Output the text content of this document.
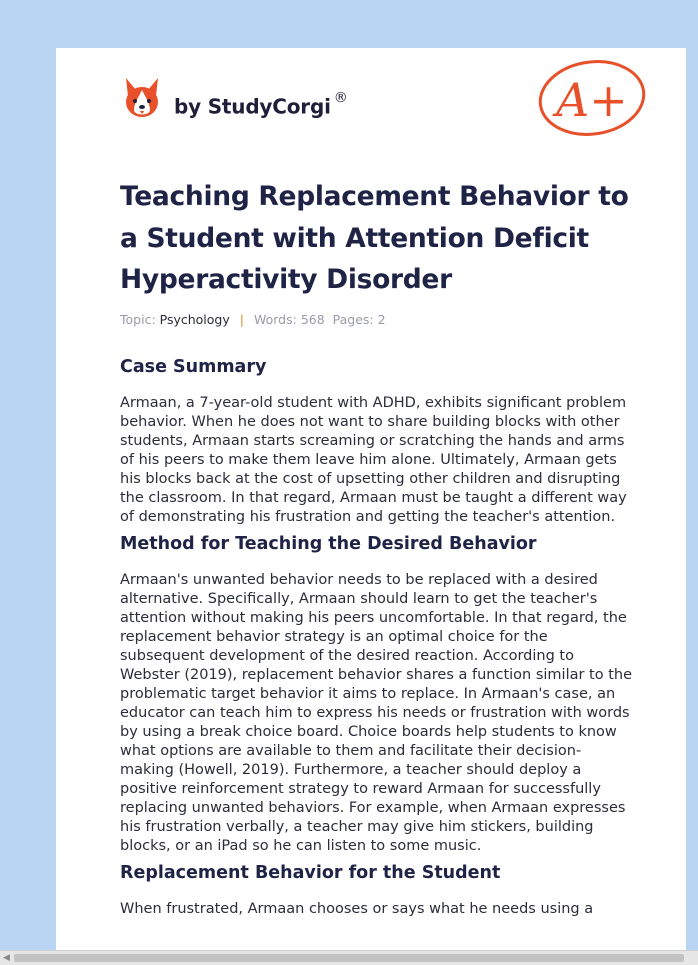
by StudyCorgi ®	A+
Teaching Replacement Behavior to a Student with Attention Deficit Hyperactivity Disorder
Topic: Psychology | Words: 568 Pages: 2
Case Summary

Armaan, a 7-year-old student with ADHD, exhibits significant problem behavior. When he does not want to share building blocks with other students, Armaan starts screaming or scratching the hands and arms of his peers to make them leave him alone. Ultimately, Armaan gets his blocks back at the cost of upsetting other children and disrupting the classroom. In that regard, Armaan must be taught a different way of demonstrating his frustration and getting the teacher's attention.

Method for Teaching the Desired Behavior

Armaan's unwanted behavior needs to be replaced with a desired alternative. Specifically, Armaan should learn to get the teacher's attention without making his peers uncomfortable. In that regard, the replacement behavior strategy is an optimal choice for the subsequent development of the desired reaction. According to Webster (2019), replacement behavior shares a function similar to the problematic target behavior it aims to replace. In Armaan's case, an educator can teach him to express his needs or frustration with words by using a break choice board. Choice boards help students to know what options are available to them and facilitate their decision-making (Howell, 2019). Furthermore, a teacher should deploy a positive reinforcement strategy to reward Armaan for successfully replacing unwanted behaviors. For example, when Armaan expresses his frustration verbally, a teacher may give him stickers, building blocks, or an iPad so he can listen to some music.

Replacement Behavior for the Student

When frustrated, Armaan chooses or says what he needs using a

◀
